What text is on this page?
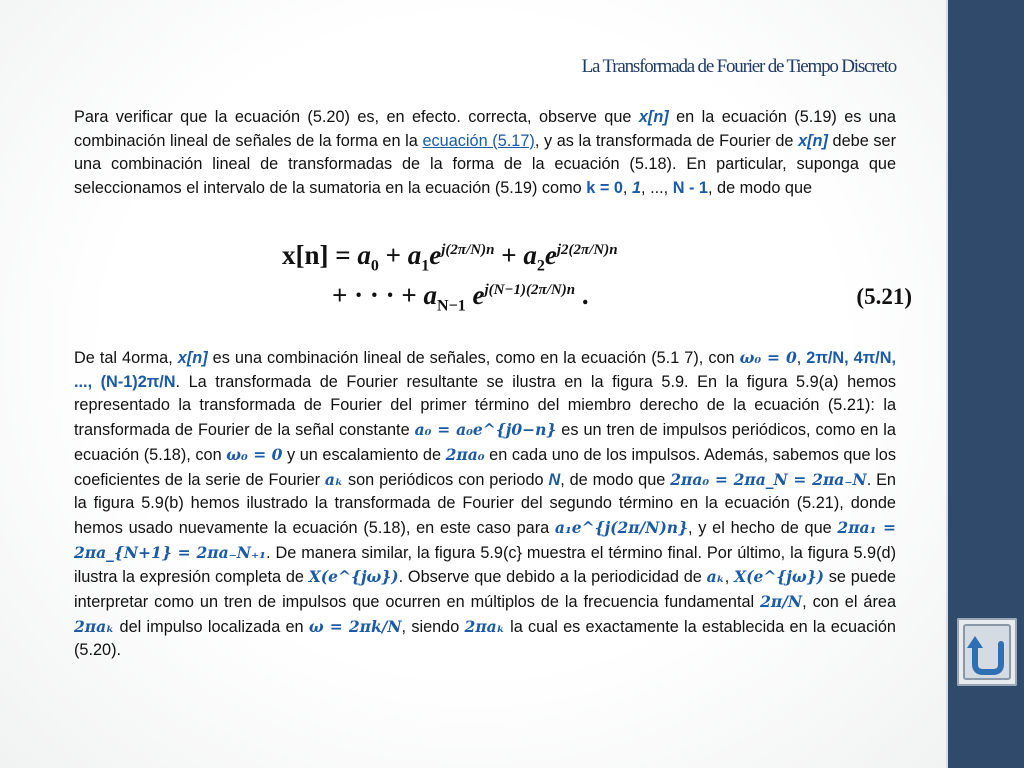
La Transformada de Fourier de Tiempo Discreto

Para verificar que la ecuación (5.20) es, en efecto. correcta, observe que x[n] en la ecuación (5.19) es una combinación lineal de señales de la forma en la ecuación (5.17), y as la transformada de Fourier de x[n] debe ser una combinación lineal de transformadas de la forma de la ecuación (5.18). En particular, suponga que seleccionamos el intervalo de la sumatoria en la ecuación (5.19) como k = 0, 1, ..., N - 1, de modo que

$x[n] = a_0 + a_1e^{j(2\pi/N)n} + a_2e^{j2(2\pi/N)n}$
+ · · · + $a_{N-1}$ $e^{j(N-1)(2\pi/N)n}$ .	(5.21)

De tal 4orma, x[n] es una combinación lineal de señales, como en la ecuación (5.1 7), con ω₀ = 0, 2π/N, 4π/N, ..., (N-1)2π/N. La transformada de Fourier resultante se ilustra en la figura 5.9. En la figura 5.9(a) hemos representado la transformada de Fourier del primer término del miembro derecho de la ecuación (5.21): la transformada de Fourier de la señal constante a₀ = a₀e^{j0−n} es un tren de impulsos periódicos, como en la ecuación (5.18), con ω₀ = 0 y un escalamiento de 2πa₀ en cada uno de los impulsos. Además, sabemos que los coeficientes de la serie de Fourier aₖ son periódicos con periodo N, de modo que 2πa₀ = 2πa_N = 2πa₋N. En la figura 5.9(b) hemos ilustrado la transformada de Fourier del segundo término en la ecuación (5.21), donde hemos usado nuevamente la ecuación (5.18), en este caso para a₁e^{j(2π/N)n}, y el hecho de que 2πa₁ = 2πa_{N+1} = 2πa₋N₊₁. De manera similar, la figura 5.9(c} muestra el término final. Por último, la figura 5.9(d) ilustra la expresión completa de X(e^{jω}). Observe que debido a la periodicidad de aₖ, X(e^{jω}) se puede interpretar como un tren de impulsos que ocurren en múltiplos de la frecuencia fundamental 2π/N, con el área 2πaₖ del impulso localizada en ω = 2πk/N, siendo 2πaₖ la cual es exactamente la establecida en la ecuación (5.20).
